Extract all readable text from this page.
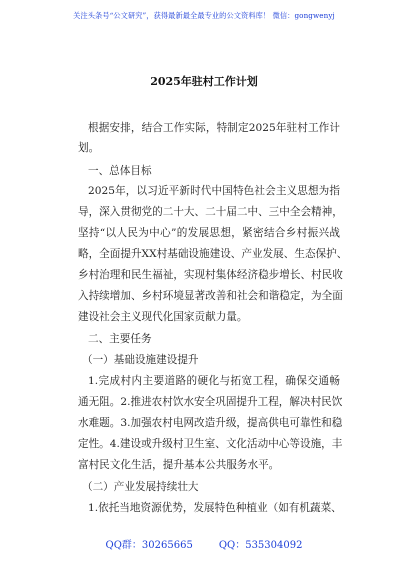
关注头条号“公文研究”，获得最新最全最专业的公文资料库！ 微信：gongwenyj
2025年驻村工作计划
根据安排，结合工作实际，特制定2025年驻村工作计
划。
一、总体目标
2025年，以习近平新时代中国特色社会主义思想为指
导，深入贯彻党的二十大、二十届二中、三中全会精神，
坚持“以人民为中心”的发展思想，紧密结合乡村振兴战
略，全面提升XX村基础设施建设、产业发展、生态保护、
乡村治理和民生福祉，实现村集体经济稳步增长、村民收
入持续增加、乡村环境显著改善和社会和谐稳定，为全面
建设社会主义现代化国家贡献力量。
二、主要任务
（一）基础设施建设提升
1.完成村内主要道路的硬化与拓宽工程，确保交通畅
通无阻。2.推进农村饮水安全巩固提升工程，解决村民饮
水难题。3.加强农村电网改造升级，提高供电可靠性和稳
定性。4.建设或升级村卫生室、文化活动中心等设施，丰
富村民文化生活，提升基本公共服务水平。
（二）产业发展持续壮大
1.依托当地资源优势，发展特色种植业（如有机蔬菜、
QQ群：30265665	QQ：535304092
